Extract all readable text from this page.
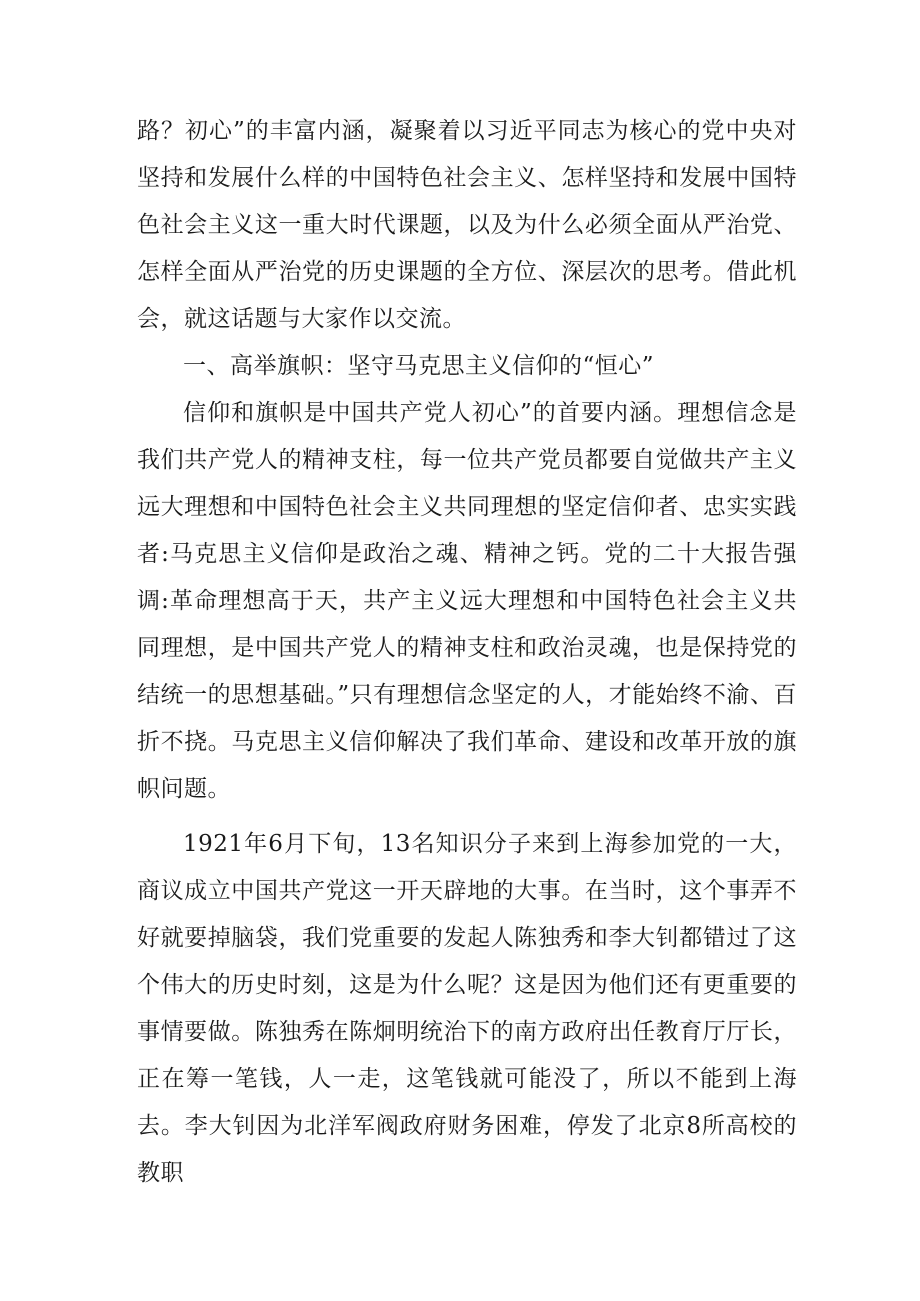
路？初心”的丰富内涵，凝聚着以习近平同志为核心的党中央对坚持和发展什么样的中国特色社会主义、怎样坚持和发展中国特色社会主义这一重大时代课题，以及为什么必须全面从严治党、怎样全面从严治党的历史课题的全方位、深层次的思考。借此机会，就这话题与大家作以交流。

一、高举旗帜：坚守马克思主义信仰的“恒心”

信仰和旗帜是中国共产党人初心”的首要内涵。理想信念是我们共产党人的精神支柱，每一位共产党员都要自觉做共产主义远大理想和中国特色社会主义共同理想的坚定信仰者、忠实实践者:马克思主义信仰是政治之魂、精神之钙。党的二十大报告强调:革命理想高于天，共产主义远大理想和中国特色社会主义共同理想，是中国共产党人的精神支柱和政治灵魂，也是保持党的结统一的思想基础。”只有理想信念坚定的人，才能始终不渝、百折不挠。马克思主义信仰解决了我们革命、建设和改革开放的旗帜问题。

1921年6月下旬，13名知识分子来到上海参加党的一大，商议成立中国共产党这一开天辟地的大事。在当时，这个事弄不好就要掉脑袋，我们党重要的发起人陈独秀和李大钊都错过了这个伟大的历史时刻，这是为什么呢？这是因为他们还有更重要的事情要做。陈独秀在陈炯明统治下的南方政府出任教育厅厅长，正在筹一笔钱，人一走，这笔钱就可能没了，所以不能到上海去。李大钊因为北洋军阀政府财务困难，停发了北京8所高校的教职
